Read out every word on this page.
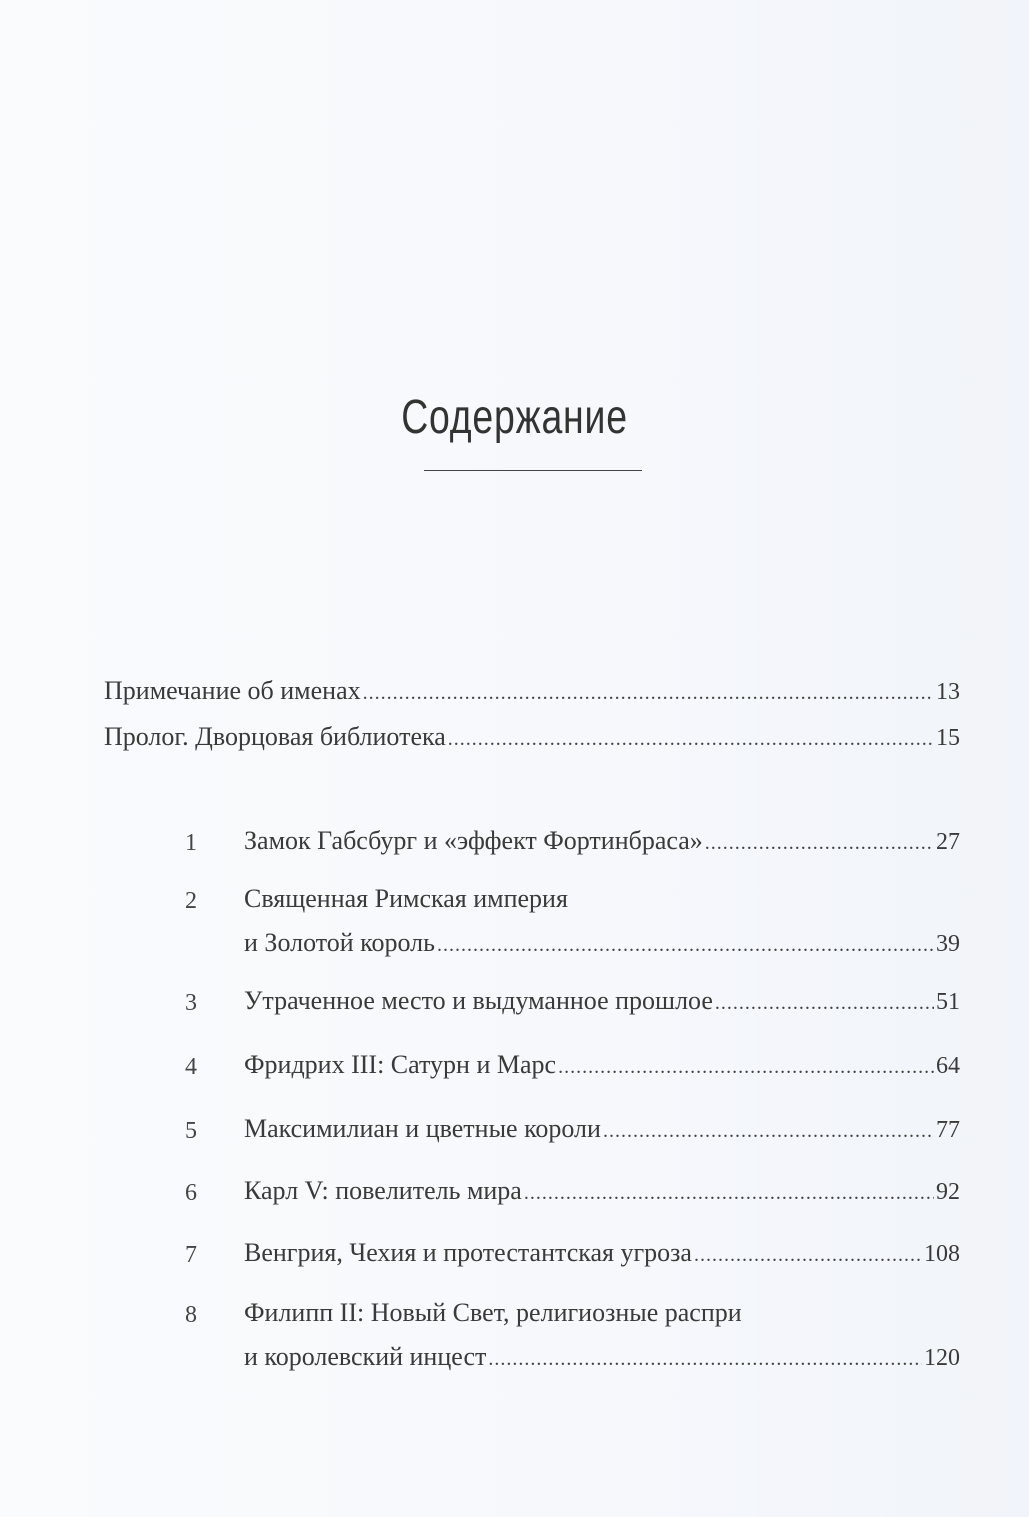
Содержание
Примечание об именах .....	13
Пролог. Дворцовая библиотека .....	15
1	Замок Габсбург и «эффект Фортинбраса» .....	27
2	Священная Римская империя
и Золотой король .....	39
3	Утраченное место и выдуманное прошлое .....	51
4	Фридрих III: Сатурн и Марс .....	64
5	Максимилиан и цветные короли .....	77
6	Карл V: повелитель мира .....	92
7	Венгрия, Чехия и протестантская угроза .....	108
8	Филипп II: Новый Свет, религиозные распри
и королевский инцест .....	120
